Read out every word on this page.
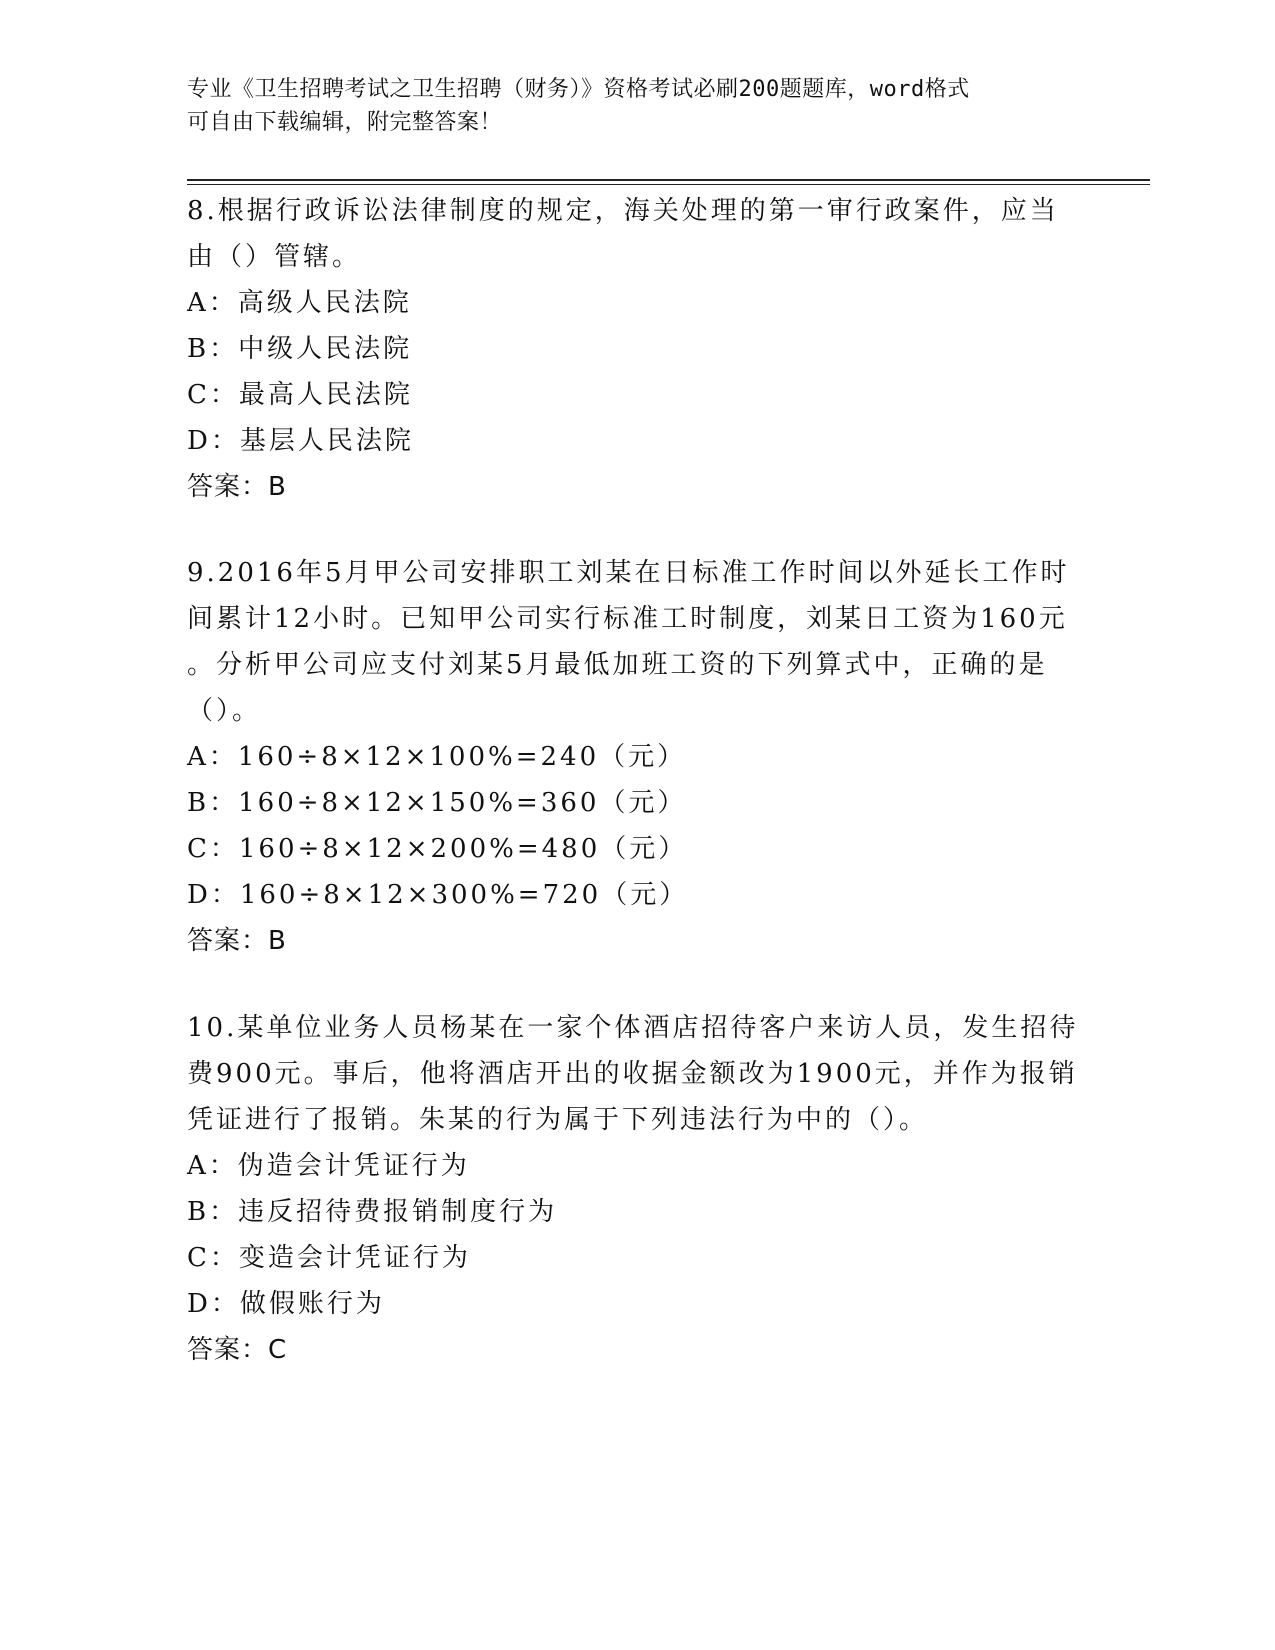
专业《卫生招聘考试之卫生招聘（财务）》资格考试必刷200题题库，word格式
可自由下载编辑，附完整答案！
8.根据行政诉讼法律制度的规定，海关处理的第一审行政案件，应当
由（）管辖。
A：高级人民法院
B：中级人民法院
C：最高人民法院
D：基层人民法院
答案：B
9.2016年5月甲公司安排职工刘某在日标准工作时间以外延长工作时
间累计12小时。已知甲公司实行标准工时制度，刘某日工资为160元
。分析甲公司应支付刘某5月最低加班工资的下列算式中，正确的是
（）。
A：160÷8×12×100%=240（元）
B：160÷8×12×150%=360（元）
C：160÷8×12×200%=480（元）
D：160÷8×12×300%=720（元）
答案：B
10.某单位业务人员杨某在一家个体酒店招待客户来访人员，发生招待
费900元。事后，他将酒店开出的收据金额改为1900元，并作为报销
凭证进行了报销。朱某的行为属于下列违法行为中的（）。
A：伪造会计凭证行为
B：违反招待费报销制度行为
C：变造会计凭证行为
D：做假账行为
答案：C
